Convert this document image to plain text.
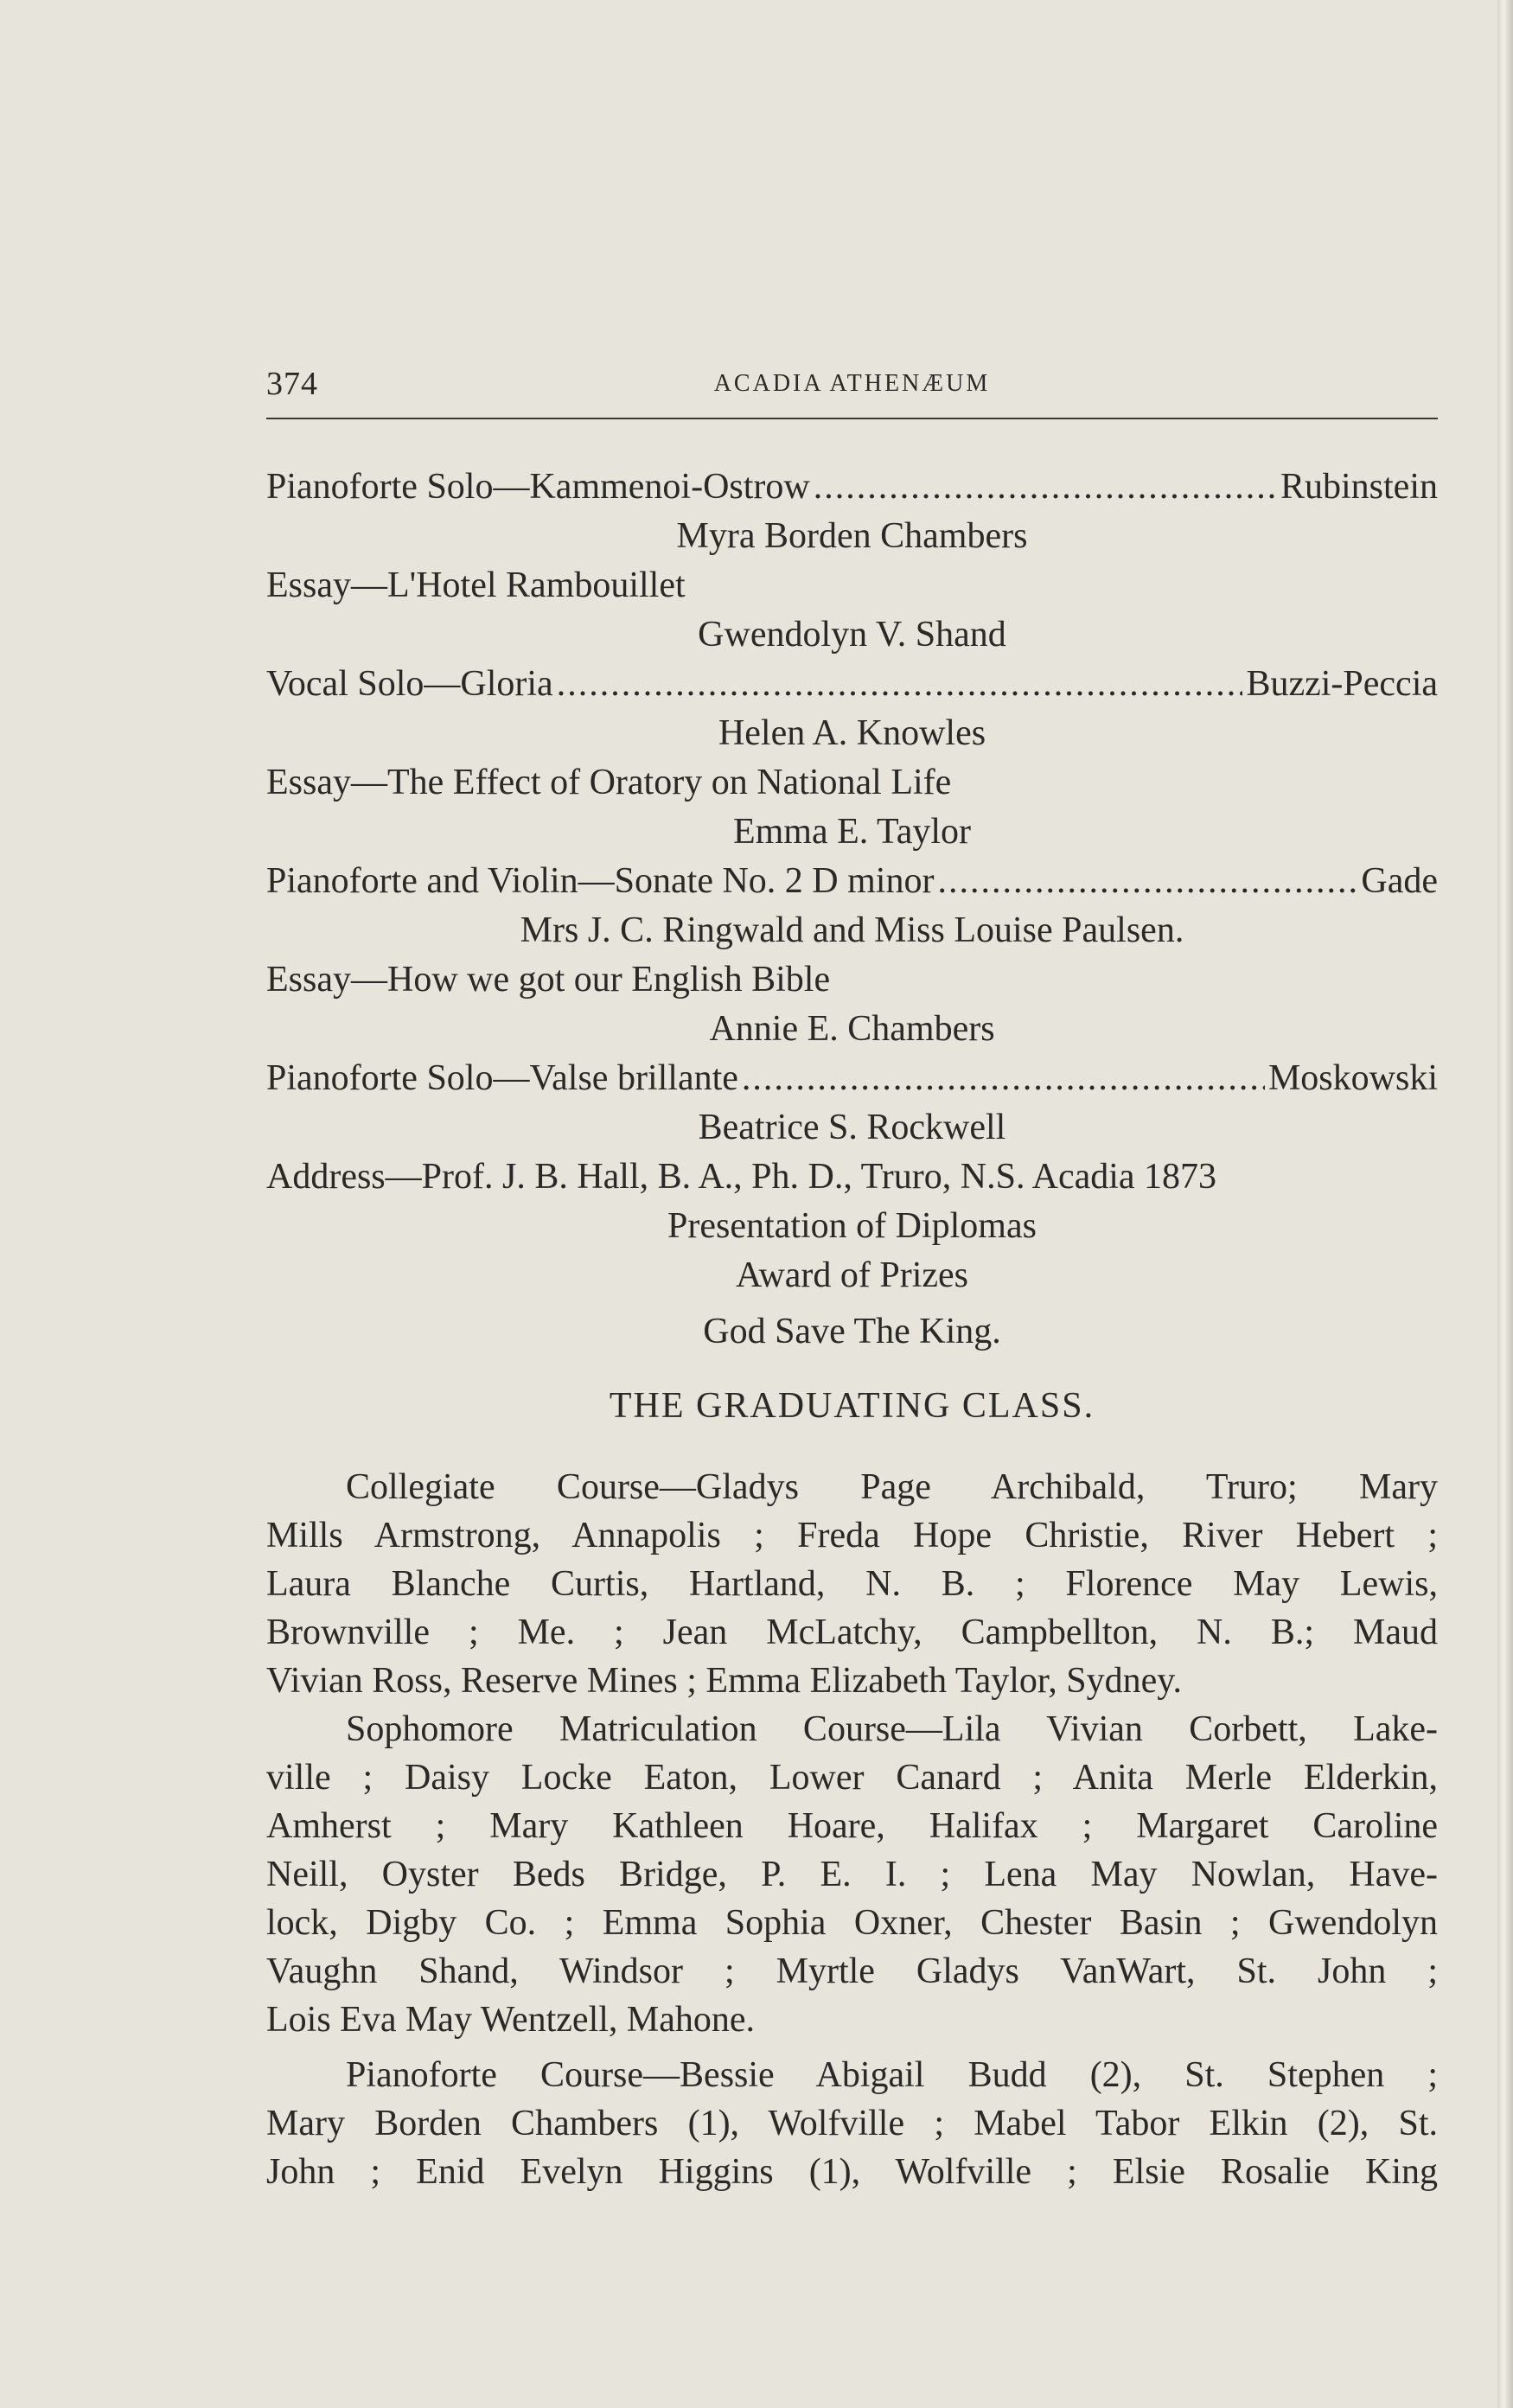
374	ACADIA ATHENÆUM
Pianoforte Solo—Kammenoi-Ostrow .....	Rubinstein
Myra Borden Chambers
Essay—L'Hotel Rambouillet
Gwendolyn V. Shand
Vocal Solo—Gloria .....	Buzzi-Peccia
Helen A. Knowles
Essay—The Effect of Oratory on National Life
Emma E. Taylor
Pianoforte and Violin—Sonate No. 2 D minor .....	Gade
Mrs J. C. Ringwald and Miss Louise Paulsen.
Essay—How we got our English Bible
Annie E. Chambers
Pianoforte Solo—Valse brillante .....	Moskowski
Beatrice S. Rockwell
Address—Prof. J. B. Hall, B. A., Ph. D., Truro, N.S. Acadia 1873
Presentation of Diplomas
Award of Prizes
God Save The King.
THE GRADUATING CLASS.
Collegiate Course—Gladys Page Archibald, Truro; Mary
Mills Armstrong, Annapolis ; Freda Hope Christie, River Hebert ;
Laura Blanche Curtis, Hartland, N. B. ; Florence May Lewis,
Brownville ; Me. ; Jean McLatchy, Campbellton, N. B.; Maud
Vivian Ross, Reserve Mines ; Emma Elizabeth Taylor, Sydney.
Sophomore Matriculation Course—Lila Vivian Corbett, Lake-
ville ; Daisy Locke Eaton, Lower Canard ; Anita Merle Elderkin,
Amherst ; Mary Kathleen Hoare, Halifax ; Margaret Caroline
Neill, Oyster Beds Bridge, P. E. I. ; Lena May Nowlan, Have-
lock, Digby Co. ; Emma Sophia Oxner, Chester Basin ; Gwendolyn
Vaughn Shand, Windsor ; Myrtle Gladys VanWart, St. John ;
Lois Eva May Wentzell, Mahone.
Pianoforte Course—Bessie Abigail Budd (2), St. Stephen ;
Mary Borden Chambers (1), Wolfville ; Mabel Tabor Elkin (2), St.
John ; Enid Evelyn Higgins (1), Wolfville ; Elsie Rosalie King
